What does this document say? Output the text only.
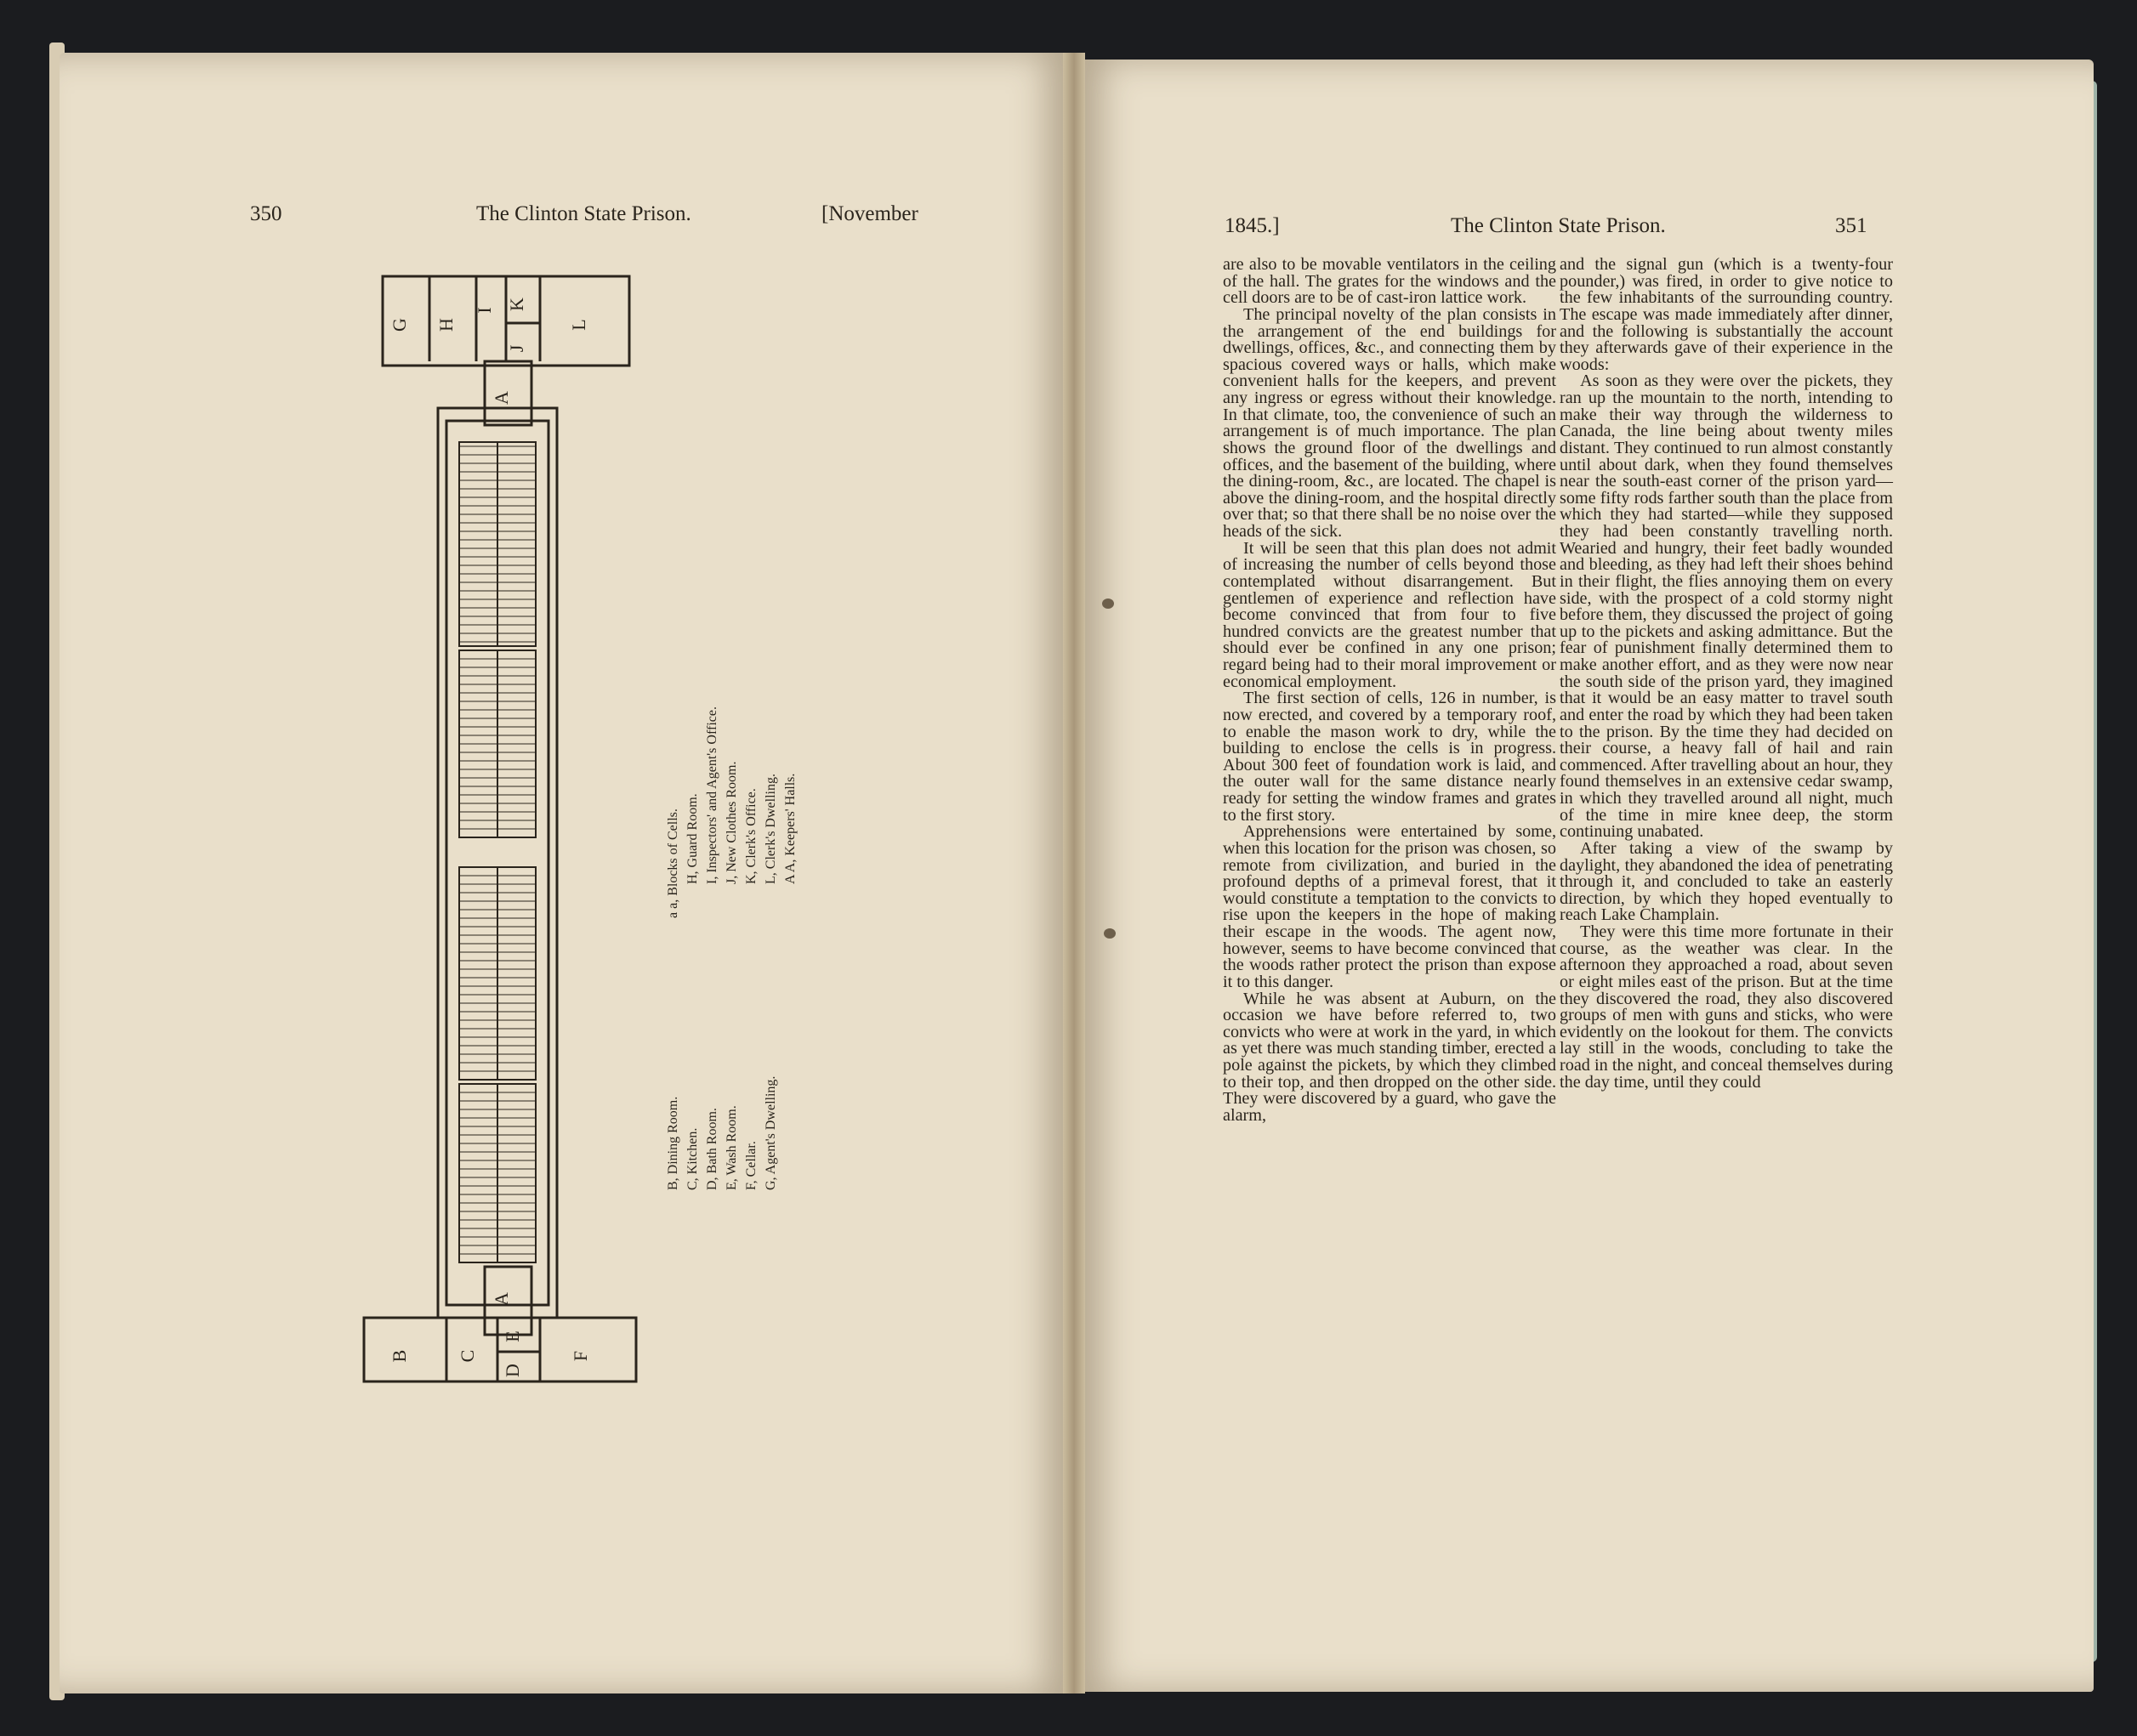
350	The Clinton State Prison.	[November
G H
I
J
K
L
A
A
B	C
D
E
F
a a, Blocks of Cells. H, Guard Room. I, Inspectors' and Agent's Office. J, New Clothes Room. K, Clerk's Office. L, Clerk's Dwelling. A A, Keepers' Halls.
B, Dining Room. C, Kitchen. D, Bath Room. E, Wash Room. F, Cellar. G, Agent's Dwelling.
1845.]	The Clinton State Prison.	351

are also to be movable ventilators in the ceiling of the hall. The grates for the windows and the cell doors are to be of cast-iron lattice work.

The principal novelty of the plan consists in the arrangement of the end buildings for dwellings, offices, &c., and connecting them by spacious covered ways or halls, which make convenient halls for the keepers, and prevent any ingress or egress without their knowledge. In that climate, too, the convenience of such an arrangement is of much importance. The plan shows the ground floor of the dwellings and offices, and the basement of the building, where the dining-room, &c., are located. The chapel is above the dining-room, and the hospital directly over that; so that there shall be no noise over the heads of the sick.

It will be seen that this plan does not admit of increasing the number of cells beyond those contemplated without disarrangement. But gentlemen of experience and reflection have become convinced that from four to five hundred convicts are the greatest number that should ever be confined in any one prison; regard being had to their moral improvement or economical employment.

The first section of cells, 126 in number, is now erected, and covered by a temporary roof, to enable the mason work to dry, while the building to enclose the cells is in progress. About 300 feet of foundation work is laid, and the outer wall for the same distance nearly ready for setting the window frames and grates to the first story.

Apprehensions were entertained by some, when this location for the prison was chosen, so remote from civilization, and buried in the profound depths of a primeval forest, that it would constitute a temptation to the convicts to rise upon the keepers in the hope of making their escape in the woods. The agent now, however, seems to have become convinced that the woods rather protect the prison than expose it to this danger.

While he was absent at Auburn, on the occasion we have before referred to, two convicts who were at work in the yard, in which as yet there was much standing timber, erected a pole against the pickets, by which they climbed to their top, and then dropped on the other side. They were discovered by a guard, who gave the alarm,

and the signal gun (which is a twenty-four pounder,) was fired, in order to give notice to the few inhabitants of the surrounding country. The escape was made immediately after dinner, and the following is substantially the account they afterwards gave of their experience in the woods:

As soon as they were over the pickets, they ran up the mountain to the north, intending to make their way through the wilderness to Canada, the line being about twenty miles distant. They continued to run almost constantly until about dark, when they found themselves near the south-east corner of the prison yard—some fifty rods farther south than the place from which they had started—while they supposed they had been constantly travelling north. Wearied and hungry, their feet badly wounded and bleeding, as they had left their shoes behind in their flight, the flies annoying them on every side, with the prospect of a cold stormy night before them, they discussed the project of going up to the pickets and asking admittance. But the fear of punishment finally determined them to make another effort, and as they were now near the south side of the prison yard, they imagined that it would be an easy matter to travel south and enter the road by which they had been taken to the prison. By the time they had decided on their course, a heavy fall of hail and rain commenced. After travelling about an hour, they found themselves in an extensive cedar swamp, in which they travelled around all night, much of the time in mire knee deep, the storm continuing unabated.

After taking a view of the swamp by daylight, they abandoned the idea of penetrating through it, and concluded to take an easterly direction, by which they hoped eventually to reach Lake Champlain.

They were this time more fortunate in their course, as the weather was clear. In the afternoon they approached a road, about seven or eight miles east of the prison. But at the time they discovered the road, they also discovered groups of men with guns and sticks, who were evidently on the lookout for them. The convicts lay still in the woods, concluding to take the road in the night, and conceal themselves during the day time, until they could
